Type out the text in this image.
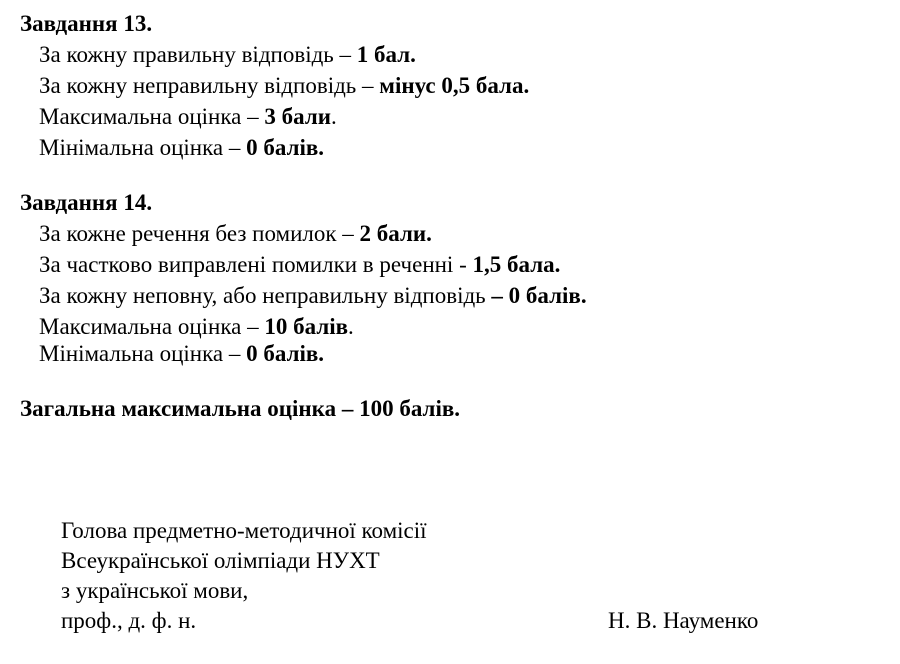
Завдання 13.
За кожну правильну відповідь – 1 бал.
За кожну неправильну відповідь – мінус 0,5 бала.
Максимальна оцінка – 3 бали.
Мінімальна оцінка – 0 балів.
Завдання 14.
За кожне речення без помилок – 2 бали.
За частково виправлені помилки в реченні - 1,5 бала.
За кожну неповну, або неправильну відповідь – 0 балів.
Максимальна оцінка – 10 балів.
Мінімальна оцінка – 0 балів.
Загальна максимальна оцінка – 100 балів.
Голова предметно-методичної комісії
Всеукраїнської олімпіади НУХТ
з української мови,
проф., д. ф. н.	Н. В. Науменко
